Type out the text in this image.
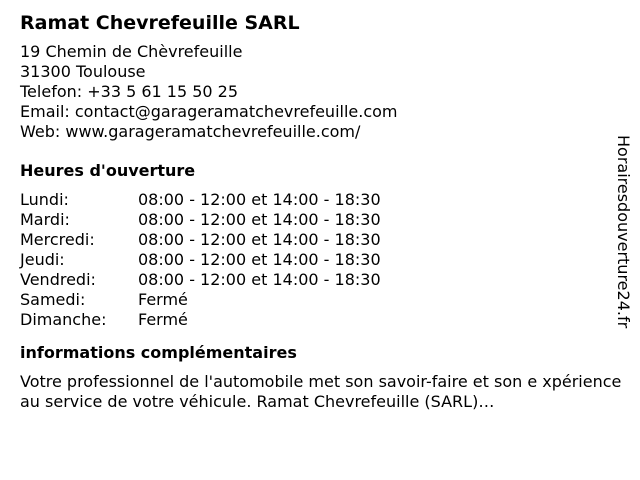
Ramat Chevrefeuille SARL
19 Chemin de Chèvrefeuille
31300 Toulouse
Telefon: +33 5 61 15 50 25
Email: contact@garageramatchevrefeuille.com
Web: www.garageramatchevrefeuille.com/
Heures d'ouverture
Lundi:	08:00 - 12:00 et 14:00 - 18:30
Mardi:	08:00 - 12:00 et 14:00 - 18:30
Mercredi:	08:00 - 12:00 et 14:00 - 18:30
Jeudi:	08:00 - 12:00 et 14:00 - 18:30
Vendredi:	08:00 - 12:00 et 14:00 - 18:30
Samedi:	Fermé
Dimanche:	Fermé
informations complémentaires
Votre professionnel de l'automobile met son savoir-faire et son e xpérience au service de votre véhicule. Ramat Chevrefeuille (SARL)…
Horairesdouverture24.fr
